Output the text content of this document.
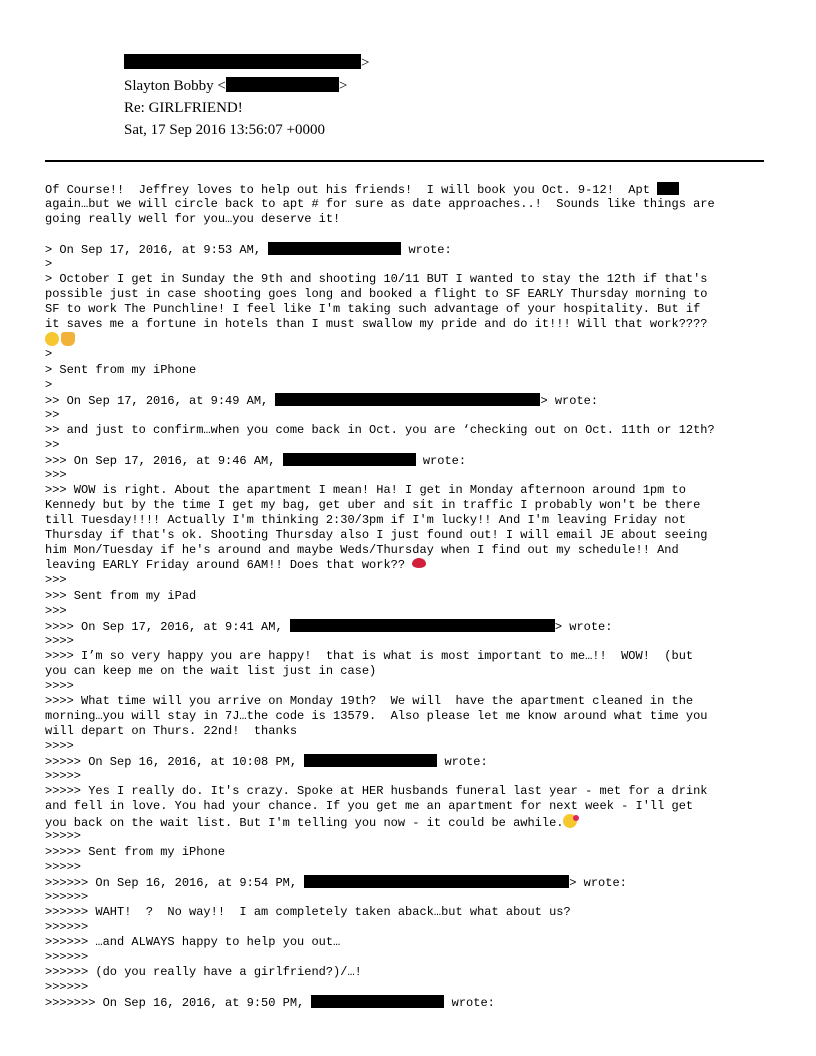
>
Slayton Bobby <	>
Re: GIRLFRIEND!
Sat, 17 Sep 2016 13:56:07 +0000
Of Course!!  Jeffrey loves to help out his friends!  I will book you Oct. 9-12!  Apt
again…but we will circle back to apt # for sure as date approaches..!  Sounds like things are
going really well for you…you deserve it!
> On Sep 17, 2016, at 9:53 AM,	wrote:
>
> October I get in Sunday the 9th and shooting 10/11 BUT I wanted to stay the 12th if that's
possible just in case shooting goes long and booked a flight to SF EARLY Thursday morning to
SF to work The Punchline! I feel like I'm taking such advantage of your hospitality. But if
it saves me a fortune in hotels than I must swallow my pride and do it!!! Will that work????
>
> Sent from my iPhone
>
>> On Sep 17, 2016, at 9:49 AM,	> wrote:
>>
>> and just to confirm…when you come back in Oct. you are ‘checking out on Oct. 11th or 12th?
>>
>>> On Sep 17, 2016, at 9:46 AM,	wrote:
>>>
>>> WOW is right. About the apartment I mean! Ha! I get in Monday afternoon around 1pm to
Kennedy but by the time I get my bag, get uber and sit in traffic I probably won't be there
till Tuesday!!!! Actually I'm thinking 2:30/3pm if I'm lucky!! And I'm leaving Friday not
Thursday if that's ok. Shooting Thursday also I just found out! I will email JE about seeing
him Mon/Tuesday if he's around and maybe Weds/Thursday when I find out my schedule!! And
leaving EARLY Friday around 6AM!! Does that work??
>>>
>>> Sent from my iPad
>>>
>>>> On Sep 17, 2016, at 9:41 AM,	> wrote:
>>>>
>>>> I’m so very happy you are happy!  that is what is most important to me…!!  WOW!  (but
you can keep me on the wait list just in case)
>>>>
>>>> What time will you arrive on Monday 19th?  We will  have the apartment cleaned in the
morning…you will stay in 7J…the code is 13579.  Also please let me know around what time you
will depart on Thurs. 22nd!  thanks
>>>>
>>>>> On Sep 16, 2016, at 10:08 PM,	wrote:
>>>>>
>>>>> Yes I really do. It's crazy. Spoke at HER husbands funeral last year - met for a drink
and fell in love. You had your chance. If you get me an apartment for next week - I'll get
you back on the wait list. But I'm telling you now - it could be awhile.
>>>>>
>>>>> Sent from my iPhone
>>>>>
>>>>>> On Sep 16, 2016, at 9:54 PM,	> wrote:
>>>>>>
>>>>>> WAHT!  ?  No way!!  I am completely taken aback…but what about us?
>>>>>>
>>>>>> …and ALWAYS happy to help you out…
>>>>>>
>>>>>> (do you really have a girlfriend?)/…!
>>>>>>
>>>>>>> On Sep 16, 2016, at 9:50 PM,	wrote:
